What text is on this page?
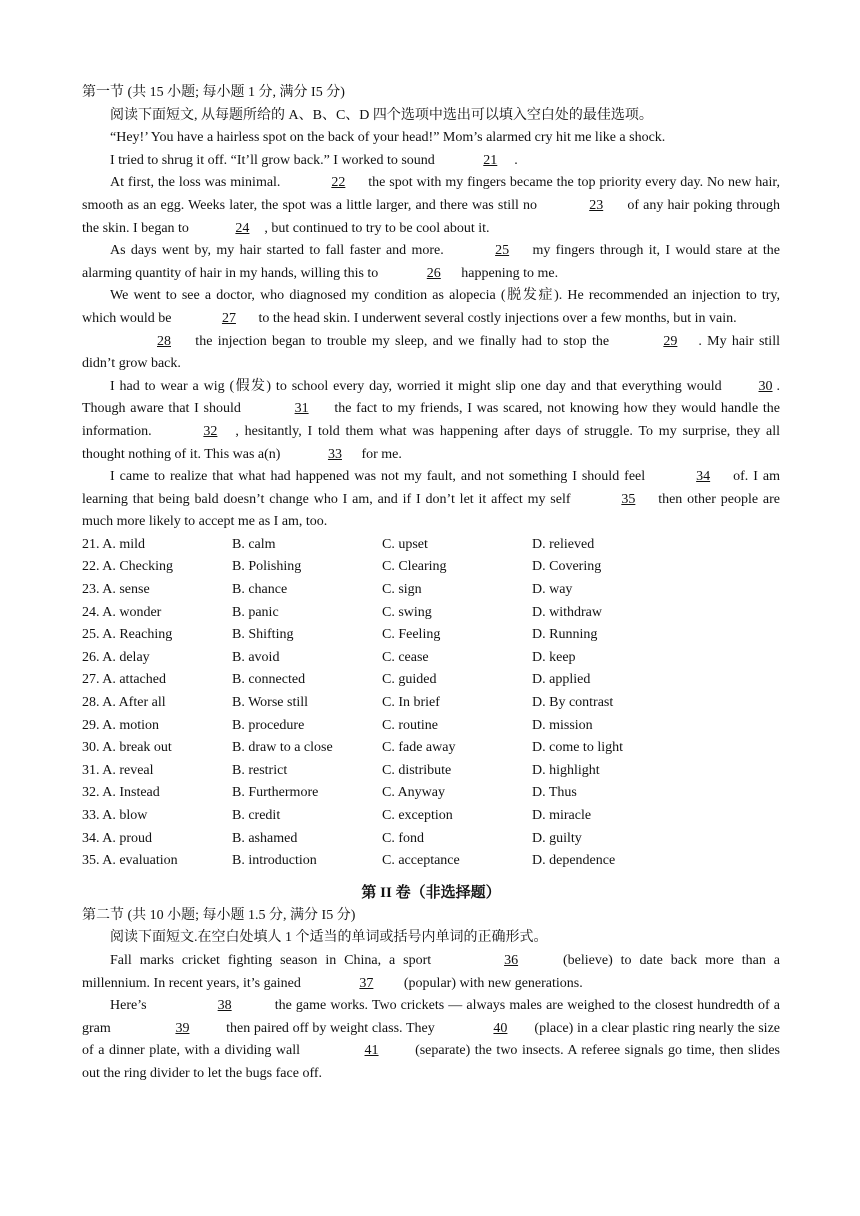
第一节 (共 15 小题; 每小题 1 分, 满分 I5 分)

阅读下面短文, 从每题所给的 A、B、C、D 四个选项中选出可以填入空白处的最佳选项。

“Hey!’ You have a hairless spot on the back of your head!” Mom’s alarmed cry hit me like a shock.

I tried to shrug it off. “It’ll grow back.” I worked to sound	21 .

At first, the loss was minimal.	22 the spot with my fingers became the top priority every day. No new hair, smooth as an egg. Weeks later, the spot was a little larger, and there was still no	23 of any hair poking through the skin. I began to	24 , but continued to try to be cool about it.

As days went by, my hair started to fall faster and more.	25 my fingers through it, I would stare at the alarming quantity of hair in my hands, willing this to	26 happening to me.

We went to see a doctor, who diagnosed my condition as alopecia (脱发症). He recommended an injection to try, which would be	27 to the head skin. I underwent several costly injections over a few months, but in vain.

28 the injection began to trouble my sleep, and we finally had to stop the	29 . My hair still didn’t grow back.

I had to wear a wig (假发) to school every day, worried it might slip one day and that everything would 30 . Though aware that I should	31 the fact to my friends, I was scared, not knowing how they would handle the information.	32 , hesitantly, I told them what was happening after days of struggle. To my surprise, they all thought nothing of it. This was a(n)	33 for me.

I came to realize that what had happened was not my fault, and not something I should feel	34 of. I am learning that being bald doesn’t change who I am, and if I don’t let it affect my self	35 then other people are much more likely to accept me as I am, too.

21. A. mild	B. calm	C. upset	D. relieved
22. A. Checking	B. Polishing	C. Clearing	D. Covering
23. A. sense	B. chance	C. sign	D. way
24. A. wonder	B. panic	C. swing	D. withdraw
25. A. Reaching	B. Shifting	C. Feeling	D. Running
26. A. delay	B. avoid	C. cease	D. keep
27. A. attached	B. connected	C. guided	D. applied
28. A. After all	B. Worse still	C. In brief	D. By contrast
29. A. motion	B. procedure	C. routine	D. mission
30. A. break out	B. draw to a close	C. fade away	D. come to light
31. A. reveal	B. restrict	C. distribute	D. highlight
32. A. Instead	B. Furthermore	C. Anyway	D. Thus
33. A. blow	B. credit	C. exception	D. miracle
34. A. proud	B. ashamed	C. fond	D. guilty
35. A. evaluation	B. introduction	C. acceptance	D. dependence

第 II 卷（非选择题）

第二节 (共 10 小题; 每小题 1.5 分, 满分 I5 分)

阅读下面短文.在空白处填人 1 个适当的单词或括号内单词的正确形式。

Fall marks cricket fighting season in China, a sport	36	(believe) to date back more than a millennium. In recent years, it’s gained	37 (popular) with new generations.

Here’s	38	the game works. Two crickets — always males are weighed to the closest hundredth of a gram	39 then paired off by weight class. They	40 (place) in a clear plastic ring nearly the size of a dinner plate, with a dividing wall	41 (separate) the two insects. A referee signals go time, then slides out the ring divider to let the bugs face off.
